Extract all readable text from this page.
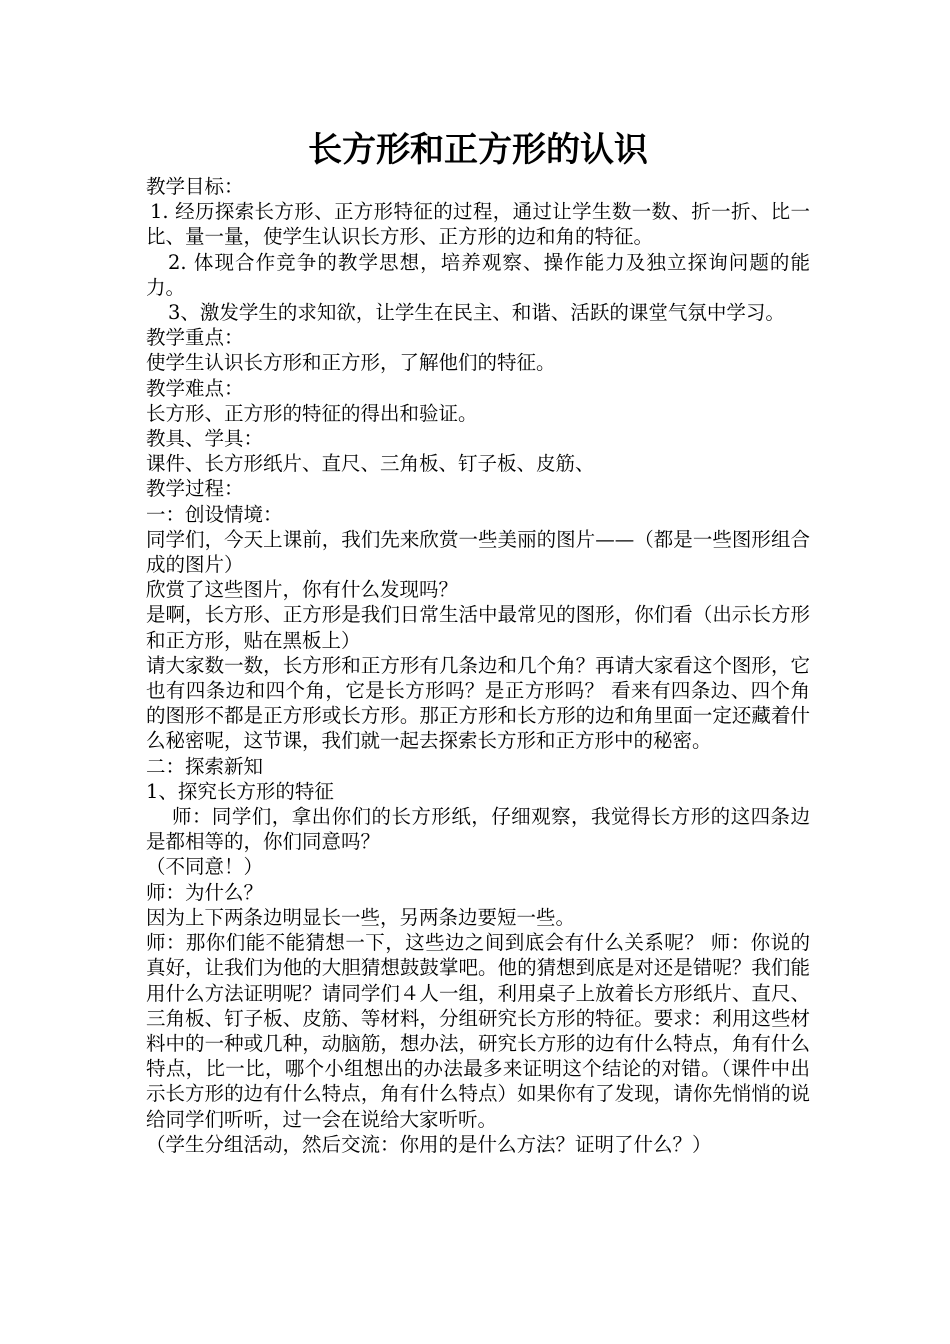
长方形和正方形的认识

教学目标：

1. 经历探索长方形、正方形特征的过程，通过让学生数一数、折一折、比一比、量一量，使学生认识长方形、正方形的边和角的特征。

2. 体现合作竞争的教学思想，培养观察、操作能力及独立探询问题的能力。

3、激发学生的求知欲，让学生在民主、和谐、活跃的课堂气氛中学习。

教学重点：

使学生认识长方形和正方形，了解他们的特征。

教学难点：

长方形、正方形的特征的得出和验证。

教具、学具：

课件、长方形纸片、直尺、三角板、钉子板、皮筋、

教学过程：

一：创设情境：

同学们，今天上课前，我们先来欣赏一些美丽的图片——（都是一些图形组合成的图片）

欣赏了这些图片，你有什么发现吗？

是啊，长方形、正方形是我们日常生活中最常见的图形，你们看（出示长方形和正方形，贴在黑板上）

请大家数一数，长方形和正方形有几条边和几个角？再请大家看这个图形，它也有四条边和四个角，它是长方形吗？是正方形吗？ 看来有四条边、四个角的图形不都是正方形或长方形。那正方形和长方形的边和角里面一定还藏着什么秘密呢，这节课，我们就一起去探索长方形和正方形中的秘密。

二：探索新知

1、探究长方形的特征

师：同学们，拿出你们的长方形纸，仔细观察，我觉得长方形的这四条边是都相等的，你们同意吗？

（不同意！）

师：为什么？

因为上下两条边明显长一些，另两条边要短一些。

师：那你们能不能猜想一下，这些边之间到底会有什么关系呢？ 师：你说的真好，让我们为他的大胆猜想鼓鼓掌吧。他的猜想到底是对还是错呢？我们能用什么方法证明呢？请同学们４人一组，利用桌子上放着长方形纸片、直尺、三角板、钉子板、皮筋、等材料，分组研究长方形的特征。要求：利用这些材料中的一种或几种，动脑筋，想办法，研究长方形的边有什么特点，角有什么特点，比一比，哪个小组想出的办法最多来证明这个结论的对错。（课件中出示长方形的边有什么特点，角有什么特点）如果你有了发现，请你先悄悄的说给同学们听听，过一会在说给大家听听。

（学生分组活动，然后交流：你用的是什么方法？证明了什么？）
